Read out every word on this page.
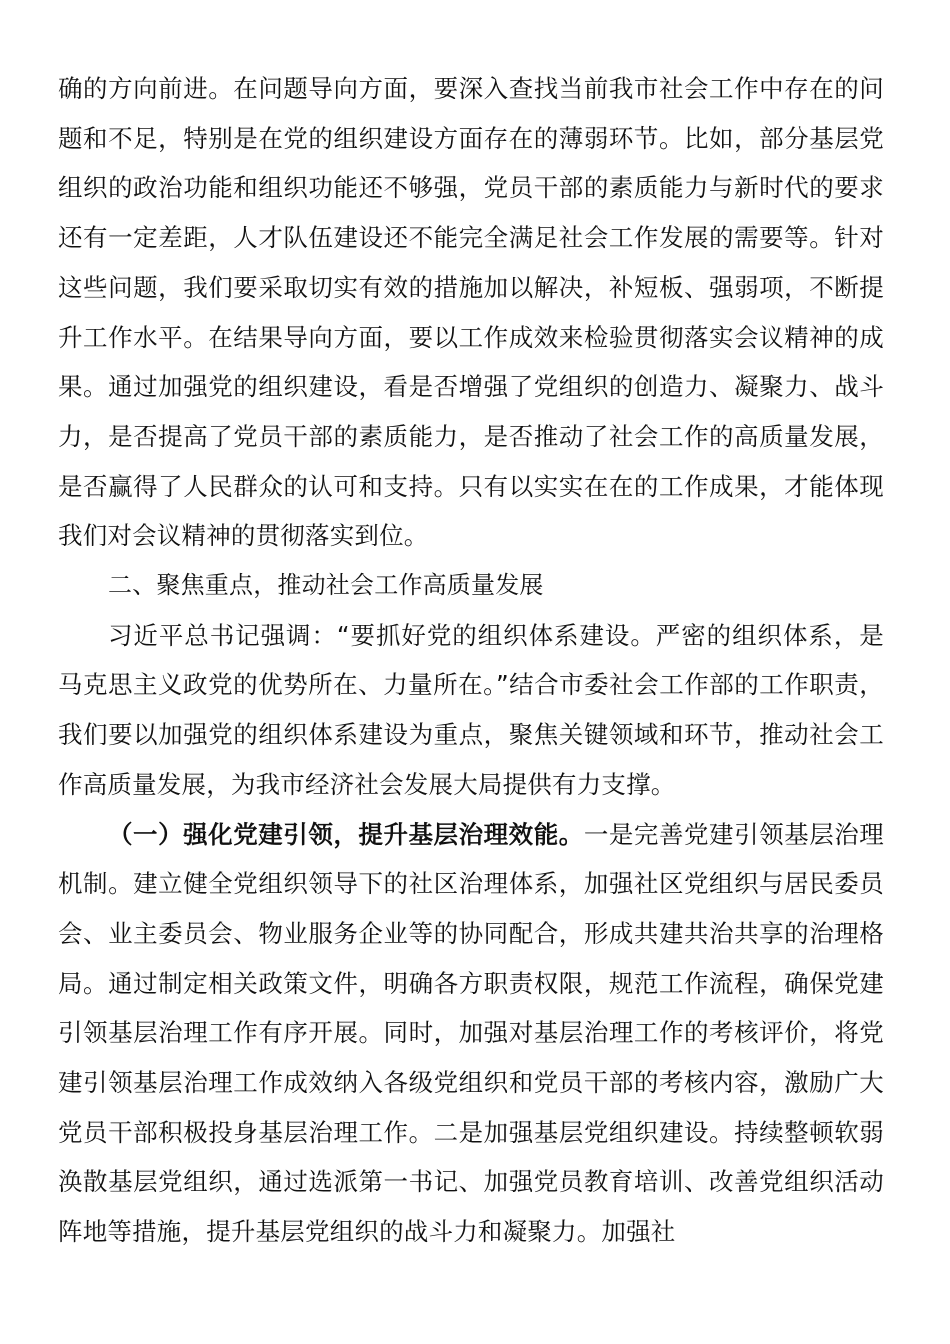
确的方向前进。在问题导向方面，要深入查找当前我市社会工作中存在的问题和不足，特别是在党的组织建设方面存在的薄弱环节。比如，部分基层党组织的政治功能和组织功能还不够强，党员干部的素质能力与新时代的要求还有一定差距，人才队伍建设还不能完全满足社会工作发展的需要等。针对这些问题，我们要采取切实有效的措施加以解决，补短板、强弱项，不断提升工作水平。在结果导向方面，要以工作成效来检验贯彻落实会议精神的成果。通过加强党的组织建设，看是否增强了党组织的创造力、凝聚力、战斗力，是否提高了党员干部的素质能力，是否推动了社会工作的高质量发展，是否赢得了人民群众的认可和支持。只有以实实在在的工作成果，才能体现我们对会议精神的贯彻落实到位。

二、聚焦重点，推动社会工作高质量发展

习近平总书记强调：“要抓好党的组织体系建设。严密的组织体系，是马克思主义政党的优势所在、力量所在。”结合市委社会工作部的工作职责，我们要以加强党的组织体系建设为重点，聚焦关键领域和环节，推动社会工作高质量发展，为我市经济社会发展大局提供有力支撑。

（一）强化党建引领，提升基层治理效能。一是完善党建引领基层治理机制。建立健全党组织领导下的社区治理体系，加强社区党组织与居民委员会、业主委员会、物业服务企业等的协同配合，形成共建共治共享的治理格局。通过制定相关政策文件，明确各方职责权限，规范工作流程，确保党建引领基层治理工作有序开展。同时，加强对基层治理工作的考核评价，将党建引领基层治理工作成效纳入各级党组织和党员干部的考核内容，激励广大党员干部积极投身基层治理工作。二是加强基层党组织建设。持续整顿软弱涣散基层党组织，通过选派第一书记、加强党员教育培训、改善党组织活动阵地等措施，提升基层党组织的战斗力和凝聚力。加强社
